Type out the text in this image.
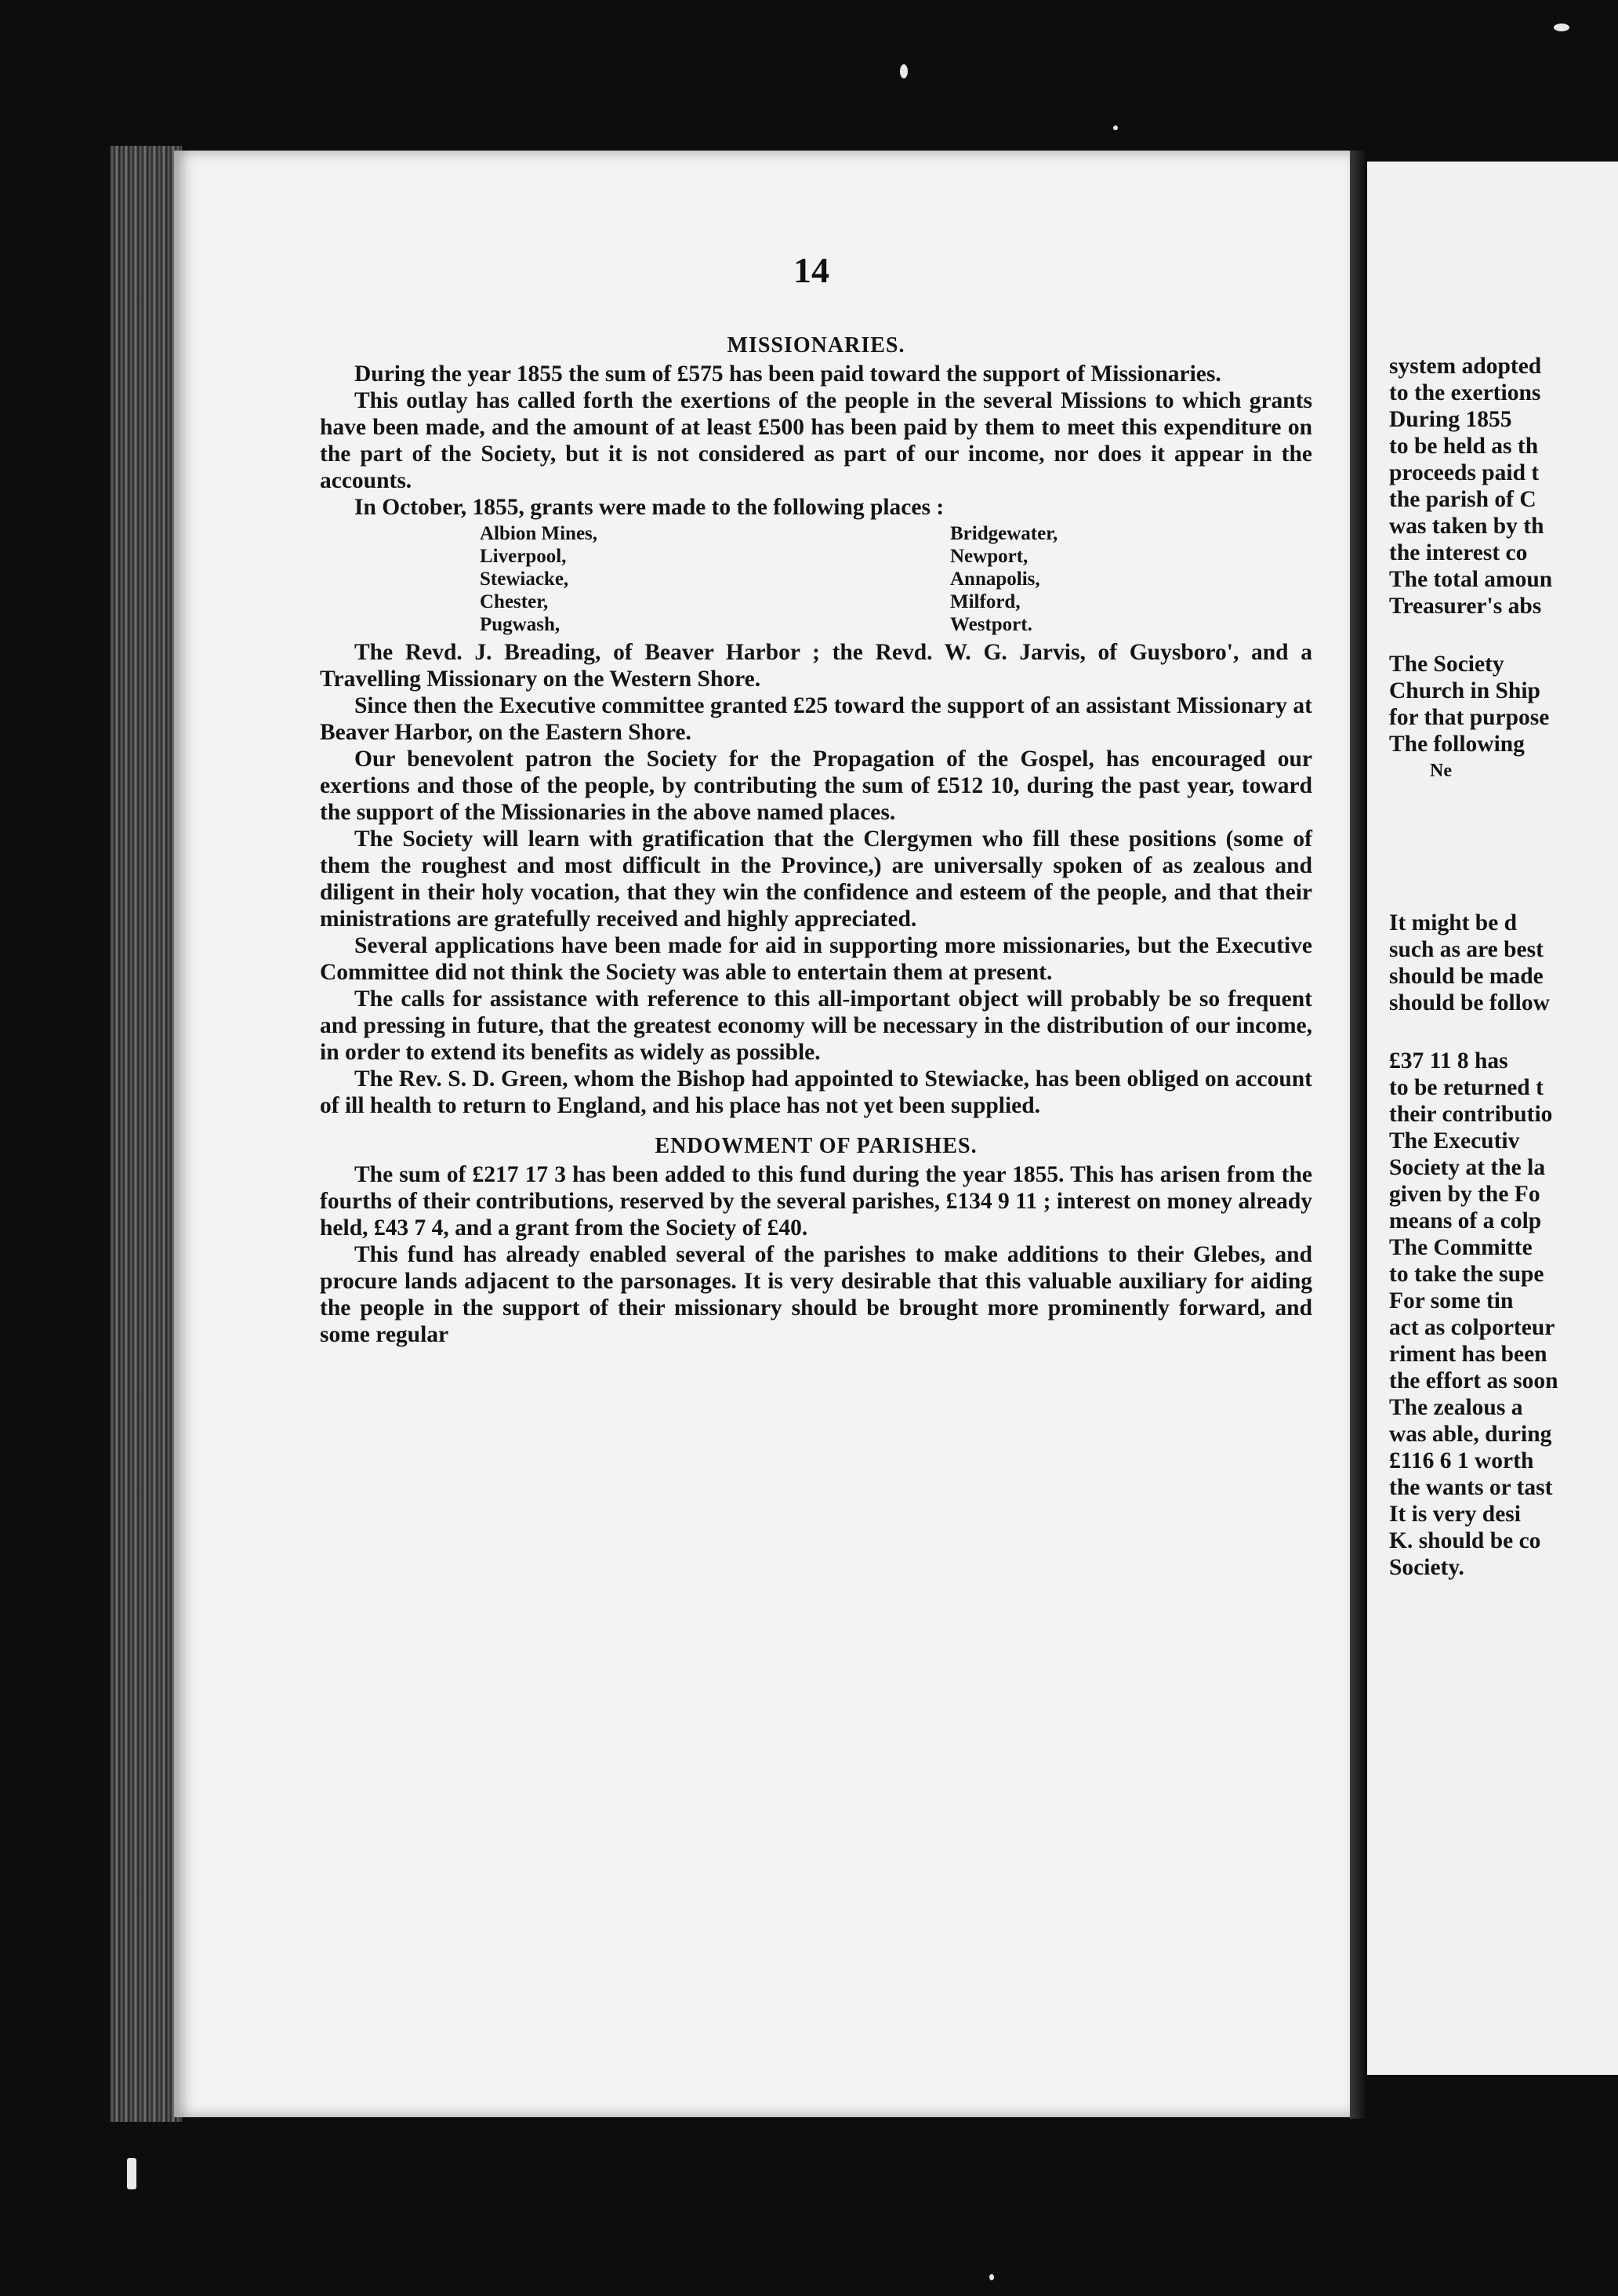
system adopted
to the exertions
During 1855
to be held as th
proceeds paid t
the parish of C
was taken by th
the interest co
The total amoun
Treasurer's abs
The Society
Church in Ship
for that purpose
The following
Ne
It might be d
such as are best
should be made
should be follow
£37 11 8 has
to be returned t
their contributio
The Executiv
Society at the la
given by the Fo
means of a colp
The Committe
to take the supe
For some tin
act as colporteur
riment has been
the effort as soon
The zealous a
was able, during
£116 6 1 worth
the wants or tast
It is very desi
K. should be co
Society.
14
MISSIONARIES.

During the year 1855 the sum of £575 has been paid toward the support of Missionaries.

This outlay has called forth the exertions of the people in the several Missions to which grants have been made, and the amount of at least £500 has been paid by them to meet this expenditure on the part of the Society, but it is not considered as part of our income, nor does it appear in the accounts.

In October, 1855, grants were made to the following places :

Albion Mines,	Bridgewater,
Liverpool,	Newport,
Stewiacke,	Annapolis,
Chester,	Milford,
Pugwash,	Westport.

The Revd. J. Breading, of Beaver Harbor ; the Revd. W. G. Jarvis, of Guysboro', and a Travelling Missionary on the Western Shore.

Since then the Executive committee granted £25 toward the support of an assistant Missionary at Beaver Harbor, on the Eastern Shore.

Our benevolent patron the Society for the Propagation of the Gospel, has encouraged our exertions and those of the people, by contributing the sum of £512 10, during the past year, toward the support of the Missionaries in the above named places.

The Society will learn with gratification that the Clergymen who fill these positions (some of them the roughest and most difficult in the Province,) are universally spoken of as zealous and diligent in their holy vocation, that they win the confidence and esteem of the people, and that their ministrations are gratefully received and highly appreciated.

Several applications have been made for aid in supporting more missionaries, but the Executive Committee did not think the Society was able to entertain them at present.

The calls for assistance with reference to this all-important object will probably be so frequent and pressing in future, that the greatest economy will be necessary in the distribution of our income, in order to extend its benefits as widely as possible.

The Rev. S. D. Green, whom the Bishop had appointed to Stewiacke, has been obliged on account of ill health to return to England, and his place has not yet been supplied.

ENDOWMENT OF PARISHES.

The sum of £217 17 3 has been added to this fund during the year 1855. This has arisen from the fourths of their contributions, reserved by the several parishes, £134 9 11 ; interest on money already held, £43 7 4, and a grant from the Society of £40.

This fund has already enabled several of the parishes to make additions to their Glebes, and procure lands adjacent to the parsonages. It is very desirable that this valuable auxiliary for aiding the people in the support of their missionary should be brought more prominently forward, and some regular
